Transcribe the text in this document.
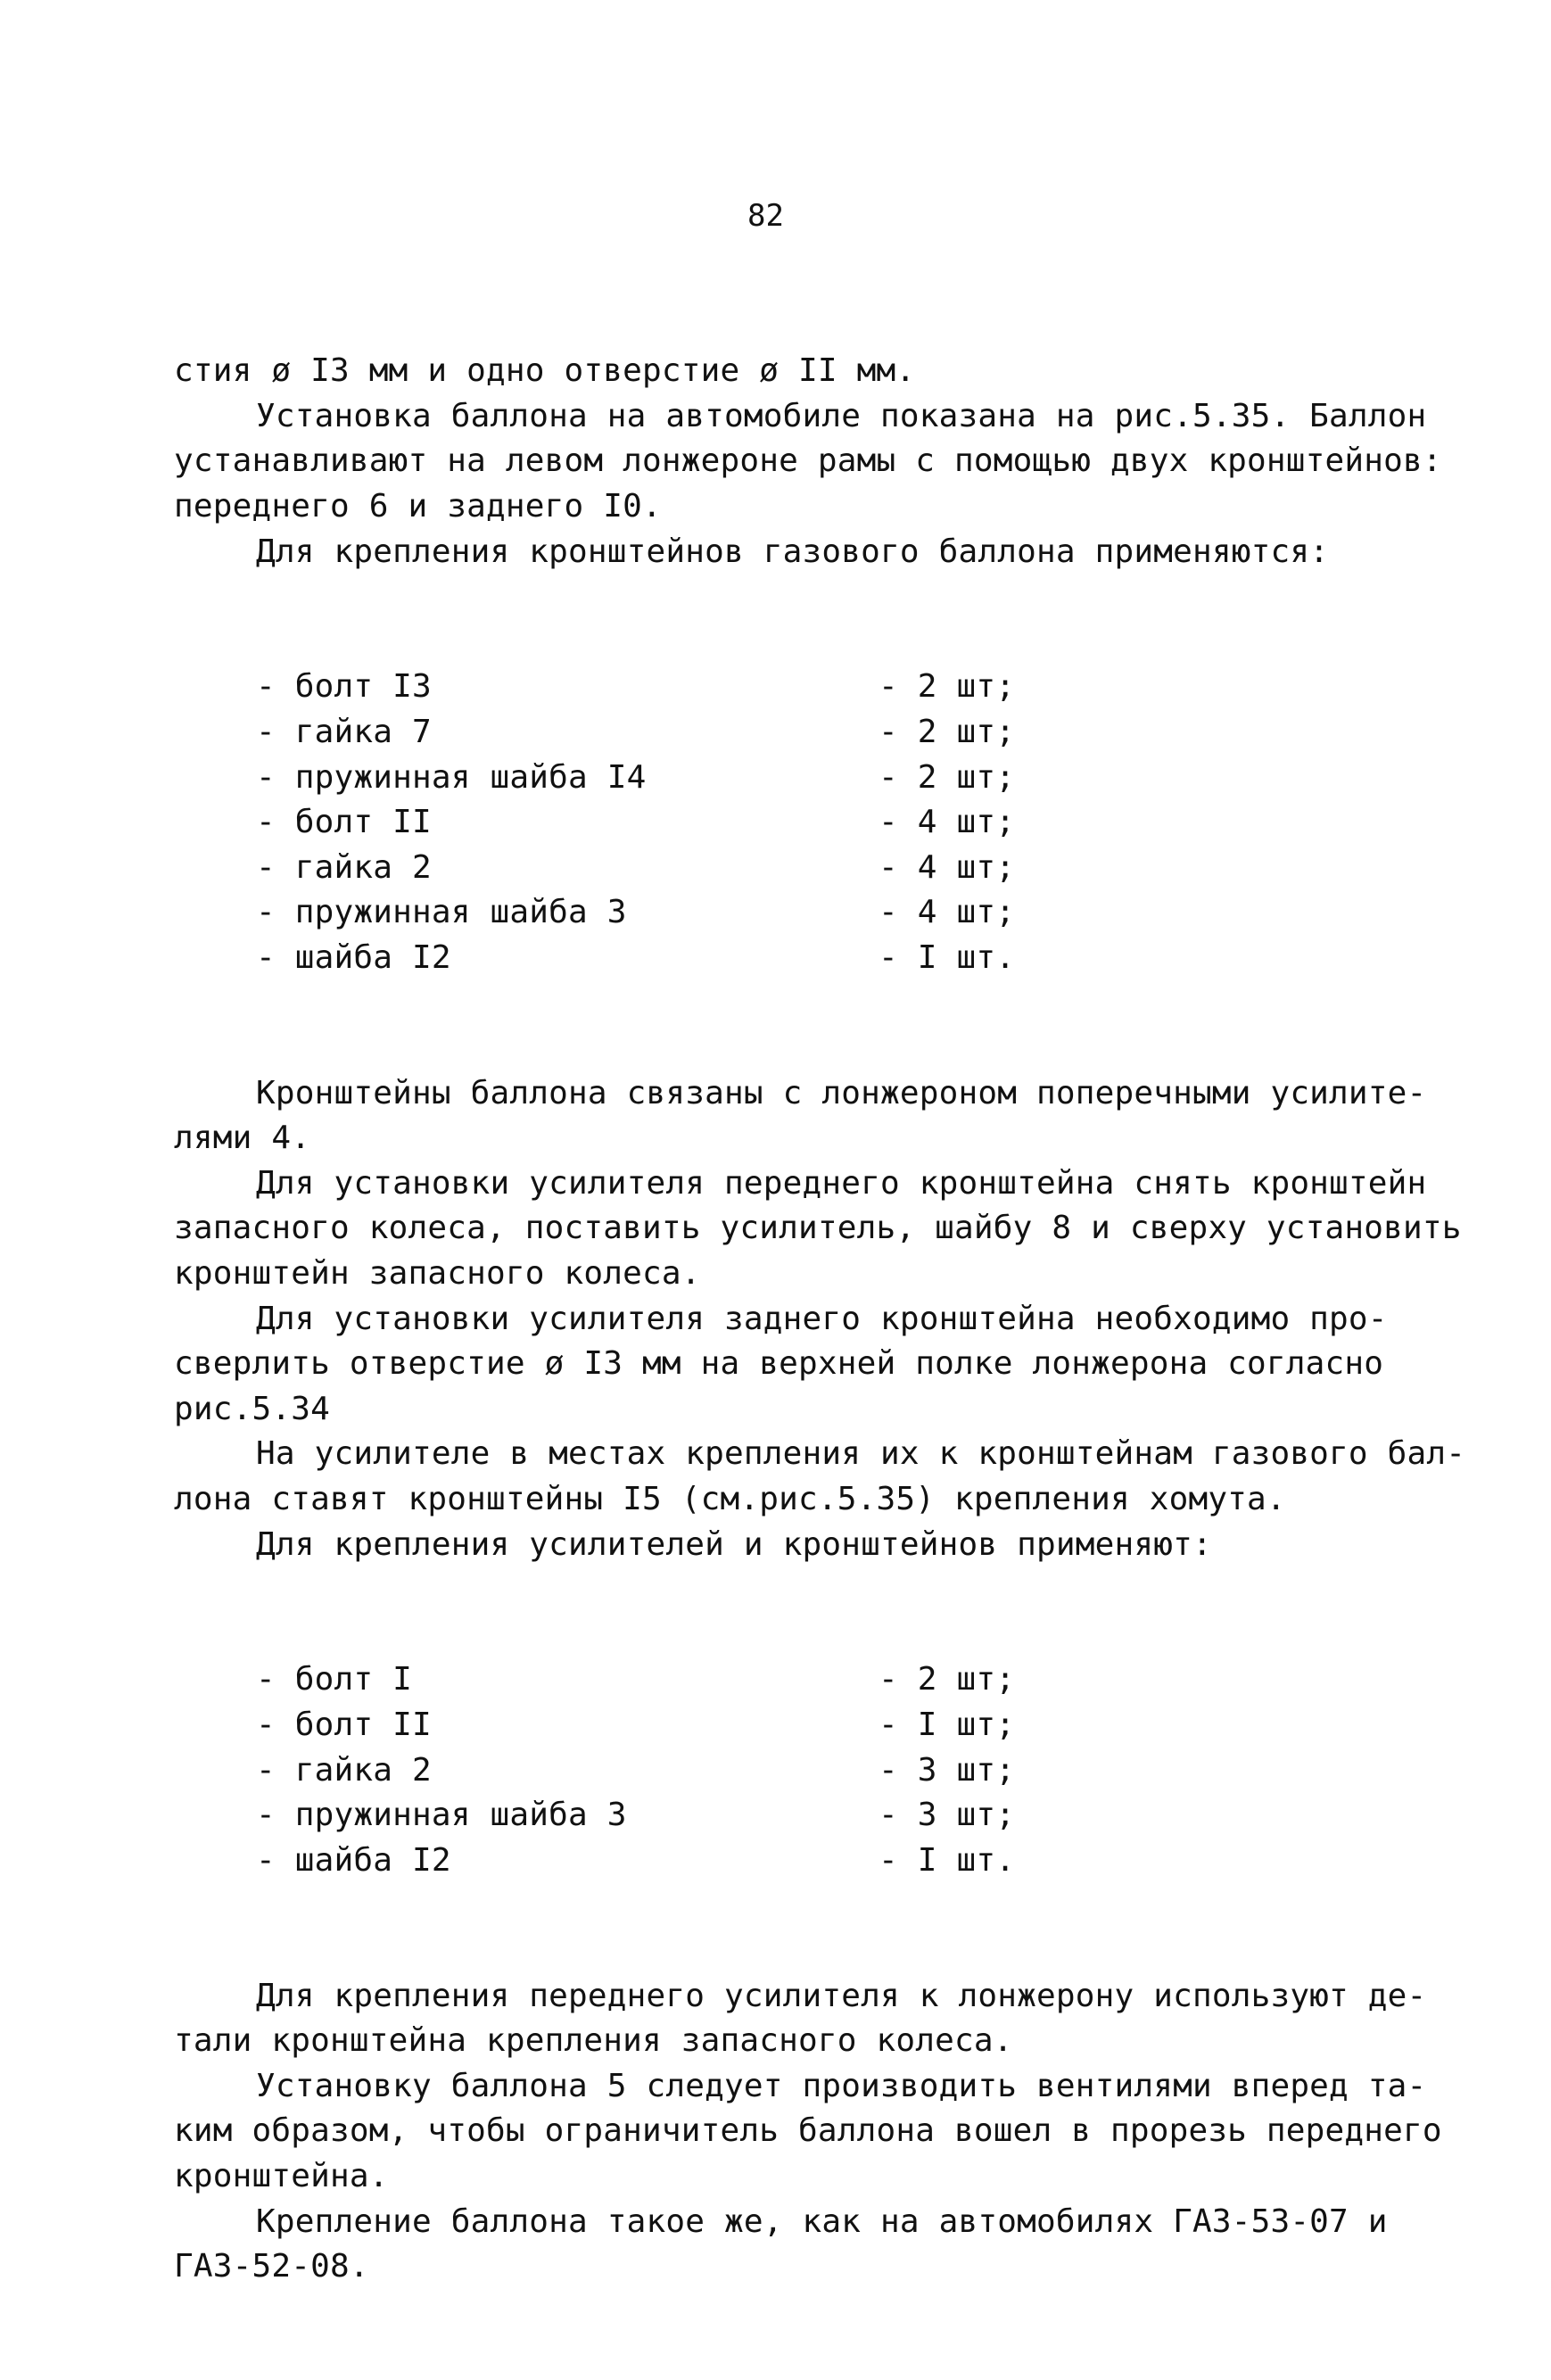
82

стия ø I3 мм и одно отверстие ø II мм.
Установка баллона на автомобиле показана на рис.5.35. Баллон
устанавливают на левом лонжероне рамы с помощью двух кронштейнов:
переднего 6 и заднего I0.
Для крепления кронштейнов газового баллона применяются:

- болт I3	- 2 шт;
- гайка 7	- 2 шт;
- пружинная шайба I4	- 2 шт;
- болт II	- 4 шт;
- гайка 2	- 4 шт;
- пружинная шайба 3	- 4 шт;
- шайба I2	- I шт.

Кронштейны баллона связаны с лонжероном поперечными усилите-
лями 4.
Для установки усилителя переднего кронштейна снять кронштейн
запасного колеса, поставить усилитель, шайбу 8 и сверху установить
кронштейн запасного колеса.
Для установки усилителя заднего кронштейна необходимо про-
сверлить отверстие ø I3 мм на верхней полке лонжерона согласно
рис.5.34
На усилителе в местах крепления их к кронштейнам газового бал-
лона ставят кронштейны I5 (см.рис.5.35) крепления хомута.
Для крепления усилителей и кронштейнов применяют:

- болт I	- 2 шт;
- болт II	- I шт;
- гайка 2	- 3 шт;
- пружинная шайба 3	- 3 шт;
- шайба I2	- I шт.

Для крепления переднего усилителя к лонжерону используют де-
тали кронштейна крепления запасного колеса.
Установку баллона 5 следует производить вентилями вперед та-
ким образом, чтобы ограничитель баллона вошел в прорезь переднего
кронштейна.
Крепление баллона такое же, как на автомобилях ГАЗ-53-07 и
ГАЗ-52-08.
